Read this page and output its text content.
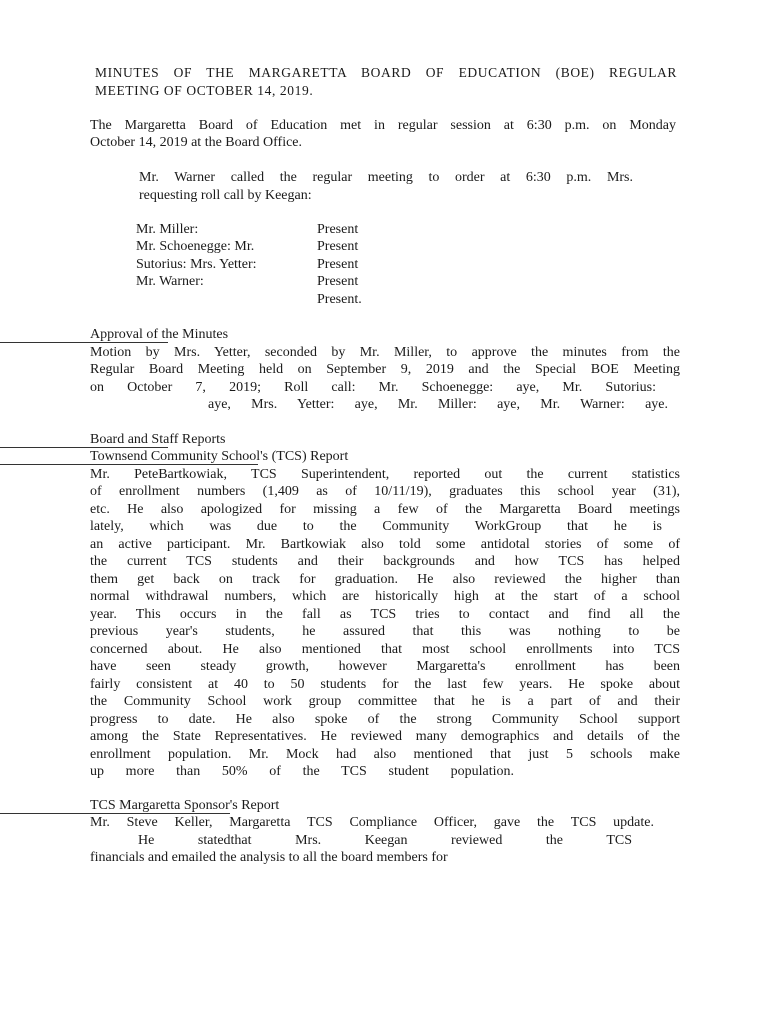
MINUTES OF THE MARGARETTA BOARD OF EDUCATION (BOE) REGULAR
MEETING OF OCTOBER 14, 2019.
The Margaretta Board of Education met in regular session at 6:30 p.m. on Monday
October 14, 2019 at the Board Office.
Mr. Warner called the regular meeting to order at 6:30 p.m. Mrs.
requesting roll call by Keegan:
Mr. Miller:
Mr. Schoenegge: Mr.
Sutorius: Mrs. Yetter:
Mr. Warner:
Present
Present
Present
Present
Present.
Approval of the Minutes
Motion by Mrs. Yetter, seconded by Mr. Miller, to approve the minutes from the
Regular Board Meeting held on September 9, 2019 and the Special BOE Meeting
on October 7, 2019; Roll call: Mr. Schoenegge: aye, Mr. Sutorius:
aye, Mrs. Yetter: aye, Mr. Miller: aye, Mr. Warner: aye.
Board and Staff Reports
Townsend Community School's (TCS) Report
Mr. PeteBartkowiak, TCS Superintendent, reported out the current statistics
of enrollment numbers (1,409 as of 10/11/19), graduates this school year (31),
etc. He also apologized for missing a few of the Margaretta Board meetings
lately, which was due to the Community WorkGroup that he is
an active participant. Mr. Bartkowiak also told some antidotal stories of some of
the current TCS students and their backgrounds and how TCS has helped
them get back on track for graduation. He also reviewed the higher than
normal withdrawal numbers, which are historically high at the start of a school
year. This occurs in the fall as TCS tries to contact and find all the
previous year's students, he assured that this was nothing to be
concerned about. He also mentioned that most school enrollments into TCS
have seen steady growth, however Margaretta's enrollment has been
fairly consistent at 40 to 50 students for the last few years. He spoke about
the Community School work group committee that he is a part of and their
progress to date. He also spoke of the strong Community School support
among the State Representatives. He reviewed many demographics and details of the
enrollment population. Mr. Mock had also mentioned that just 5 schools make
up more than 50% of the TCS student population.
TCS Margaretta Sponsor's Report
Mr. Steve Keller, Margaretta TCS Compliance Officer, gave the TCS update.
He statedthat Mrs. Keegan reviewed the TCS
financials and emailed the analysis to all the board members for
